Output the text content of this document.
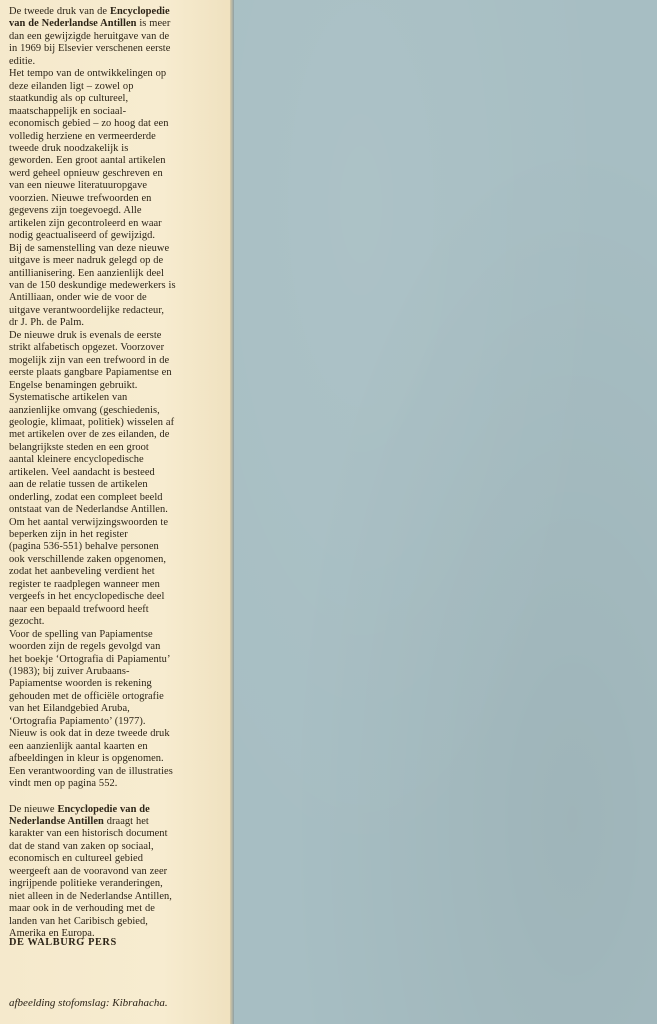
De tweede druk van de Encyclopedie
van de Nederlandse Antillen is meer
dan een gewijzigde heruitgave van de
in 1969 bij Elsevier verschenen eerste
editie.
Het tempo van de ontwikkelingen op
deze eilanden ligt – zowel op
staatkundig als op cultureel,
maatschappelijk en sociaal-
economisch gebied – zo hoog dat een
volledig herziene en vermeerderde
tweede druk noodzakelijk is
geworden. Een groot aantal artikelen
werd geheel opnieuw geschreven en
van een nieuwe literatuuropgave
voorzien. Nieuwe trefwoorden en
gegevens zijn toegevoegd. Alle
artikelen zijn gecontroleerd en waar
nodig geactualiseerd of gewijzigd.
Bij de samenstelling van deze nieuwe
uitgave is meer nadruk gelegd op de
antillianisering. Een aanzienlijk deel
van de 150 deskundige medewerkers is
Antilliaan, onder wie de voor de
uitgave verantwoordelijke redacteur,
dr J. Ph. de Palm.
De nieuwe druk is evenals de eerste
strikt alfabetisch opgezet. Voorzover
mogelijk zijn van een trefwoord in de
eerste plaats gangbare Papiamentse en
Engelse benamingen gebruikt.
Systematische artikelen van
aanzienlijke omvang (geschiedenis,
geologie, klimaat, politiek) wisselen af
met artikelen over de zes eilanden, de
belangrijkste steden en een groot
aantal kleinere encyclopedische
artikelen. Veel aandacht is besteed
aan de relatie tussen de artikelen
onderling, zodat een compleet beeld
ontstaat van de Nederlandse Antillen.
Om het aantal verwijzingswoorden te
beperken zijn in het register
(pagina 536-551) behalve personen
ook verschillende zaken opgenomen,
zodat het aanbeveling verdient het
register te raadplegen wanneer men
vergeefs in het encyclopedische deel
naar een bepaald trefwoord heeft
gezocht.
Voor de spelling van Papiamentse
woorden zijn de regels gevolgd van
het boekje ‘Ortografia di Papiamentu’
(1983); bij zuiver Arubaans-
Papiamentse woorden is rekening
gehouden met de officiële ortografie
van het Eilandgebied Aruba,
‘Ortografia Papiamento’ (1977).
Nieuw is ook dat in deze tweede druk
een aanzienlijk aantal kaarten en
afbeeldingen in kleur is opgenomen.
Een verantwoording van de illustraties
vindt men op pagina 552.
De nieuwe Encyclopedie van de
Nederlandse Antillen draagt het
karakter van een historisch document
dat de stand van zaken op sociaal,
economisch en cultureel gebied
weergeeft aan de vooravond van zeer
ingrijpende politieke veranderingen,
niet alleen in de Nederlandse Antillen,
maar ook in de verhouding met de
landen van het Caribisch gebied,
Amerika en Europa.
DE WALBURG PERS
afbeelding stofomslag: Kibrahacha.
